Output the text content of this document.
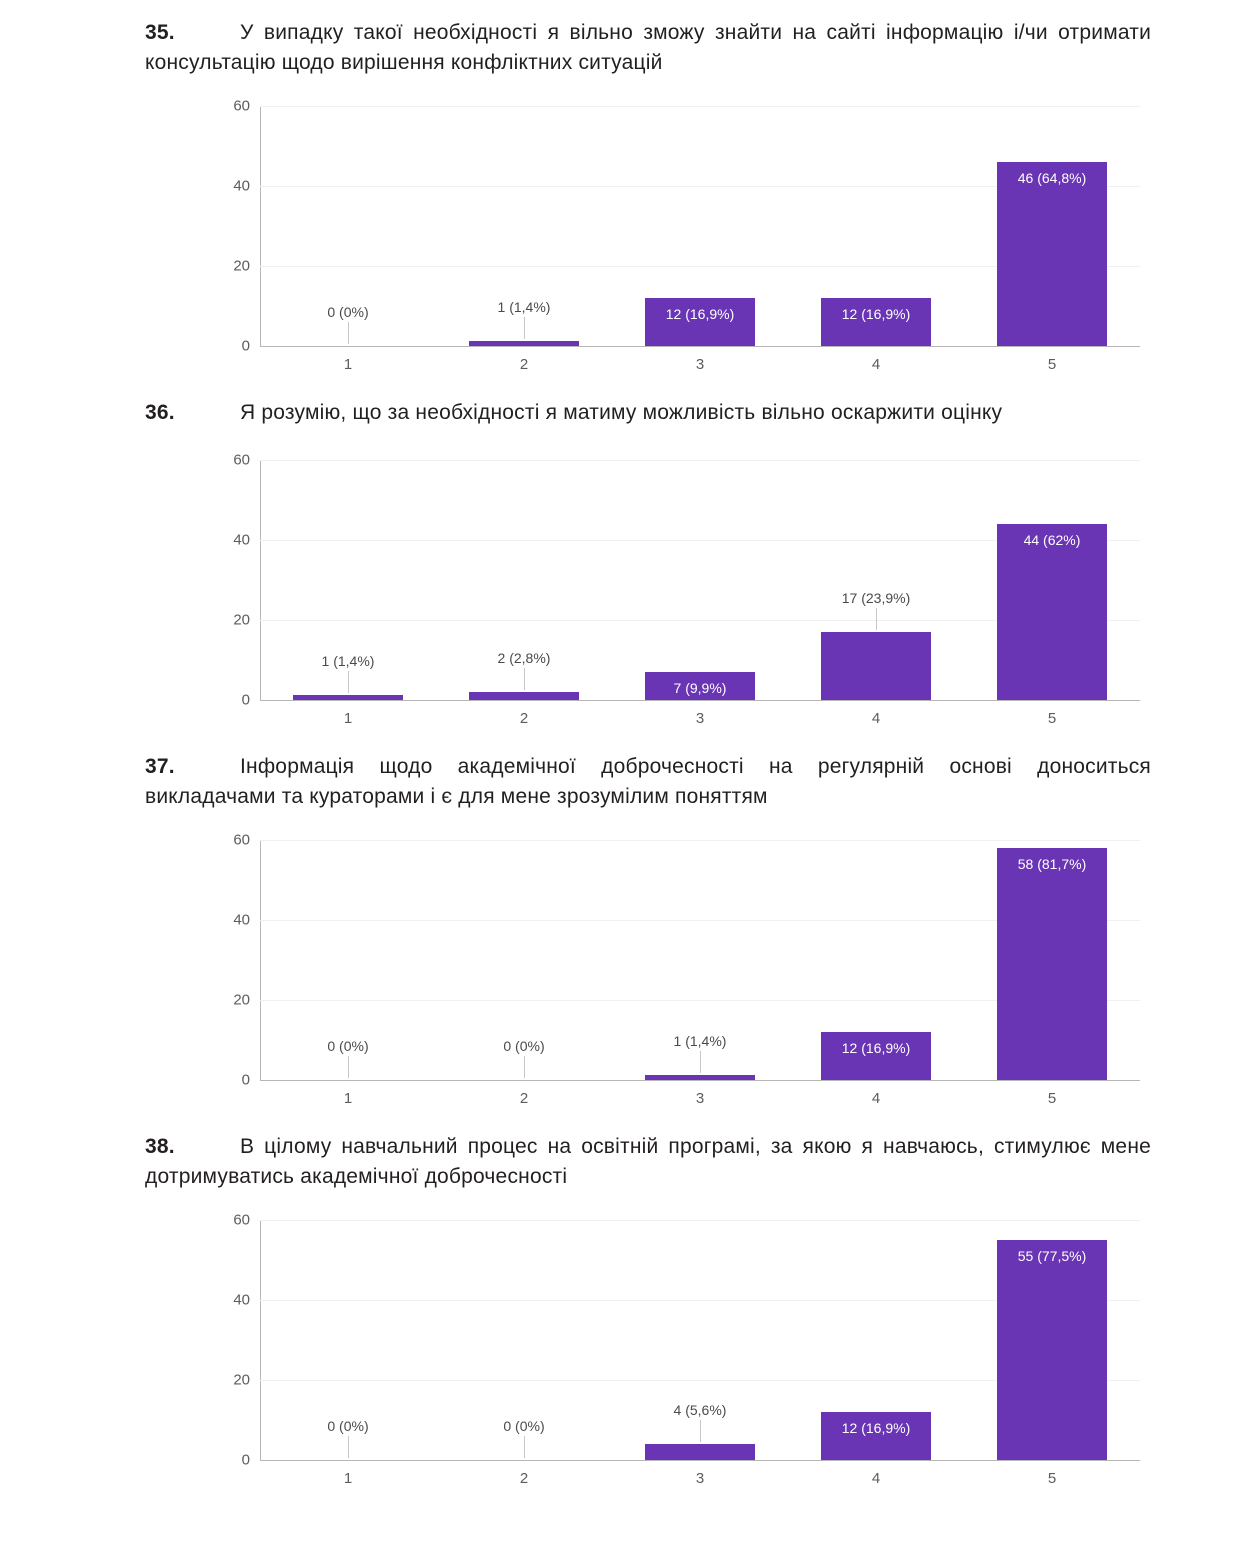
35.	У випадку такої необхідності я вільно зможу знайти на сайті інформацію і/чи отримати консультацію щодо вирішення конфліктних ситуацій
0
20
40
60
0 (0%)
1
1 (1,4%)
2
12 (16,9%)
3
12 (16,9%)
4
46 (64,8%)
5
36.	Я розумію, що за необхідності я матиму можливість вільно оскаржити оцінку
0
20
40
60
1 (1,4%)
1
2 (2,8%)
2
7 (9,9%)
3
17 (23,9%)
4
44 (62%)
5
37.	Інформація щодо академічної доброчесності на регулярній основі доноситься викладачами та кураторами і є для мене зрозумілим поняттям
0
20
40
60
0 (0%)
1
0 (0%)
2
1 (1,4%)
3
12 (16,9%)
4
58 (81,7%)
5
38.	В цілому навчальний процес на освітній програмі, за якою я навчаюсь, стимулює мене дотримуватись академічної доброчесності
0
20
40
60
0 (0%)
1
0 (0%)
2
4 (5,6%)
3
12 (16,9%)
4
55 (77,5%)
5
